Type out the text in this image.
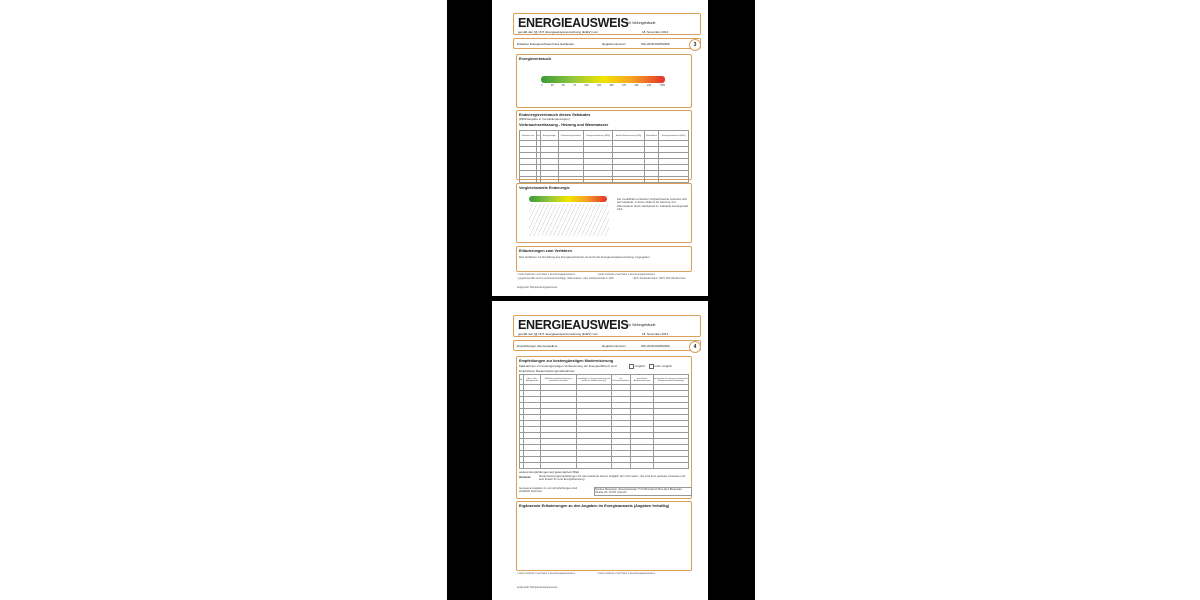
ENERGIEAUSWEIS
für Wohngebäude
gemäß den §§ 16 ff. Energieeinsparverordnung (EnEV) vom	18. November 2013
Erfasster Energieverbrauch des Gebäudes	Registriernummer	NW-2018-002052390	3
Energieverbrauch
0	25	50	75	100	125	150	175	200	225	>250
Endenergieverbrauch dieses Gebäudes
[Pflichtangabe in Immobilienanzeigen]
Verbrauchserfassung - Heizung und Warmwasser
Zeitraum von	bis	Energieträger	Primärenergie-faktor	Energieverbrauch [kWh]	Anteil Warmwasser [kWh]	Klimafaktor	Energieverbrauch [kWh]

Vergleichswerte Endenergie
Die modellhaft ermittelten Vergleichswerte beziehen sich auf Gebäude, in denen Wärme für Heizung und Warmwasser durch Heizkessel im Gebäude bereitgestellt wird.
Erläuterungen zum Verfahren
Das Verfahren zur Ermittlung des Energieverbrauchs ist durch die Energieeinsparverordnung vorgegeben.
¹ siehe Fußnote 1 auf Seite 1 des Energieausweises	³ siehe Fußnote 2 auf Seite 1 des Energieausweises
² gegebenenfalls auch Leerstandszuschläge, Warmwasser- oder Kühlpauschale in kWh	⁴ EFH: Einfamilienhaus, MFH: Mehrfamilienhaus
Aufgestellt: Beispiel-Energieausweis
ENERGIEAUSWEIS
für Wohngebäude
gemäß den §§ 16 ff. Energieeinsparverordnung (EnEV) vom	18. November 2013
Empfehlungen des Ausstellers	Registriernummer	NW-2018-002052390	4
Empfehlungen zur kostengünstigen Modernisierung
Maßnahmen zur kostengünstigen Verbesserung der Energieeffizienz sind	möglich	nicht möglich
Empfohlene Modernisierungsmaßnahmen
Nr.	Bau- oder Anlagenteile	Maßnahmenbeschreibung in einzelnen Schritten	empfohlen in Zusammenhang mit größerer Modernisierung	als Einzelmaßnahme	geschätzte Amortisationszeit	geschätzte Kosten pro eingesparte Kilowattstunde Endenergie

weitere Empfehlungen auf gesondertem Blatt
Hinweis:	Modernisierungsempfehlungen für das Gebäude dienen lediglich der Information. Sie sind kurz gefasste Hinweise und kein Ersatz für eine Energieberatung.
Genauere Angaben zu den Empfehlungen sind erhältlich bei/unter:
Markus Beispieler, Energieberater TÜV-Rheinland Plus-Zert Beispieler Straße 20, 41751 Viersen
Ergänzende Erläuterungen zu den Angaben im Energieausweis (Angaben freiwillig)
¹ siehe Fußnote 1 auf Seite 1 des Energieausweises	² siehe Fußnote 2 auf Seite 1 des Energieausweises
Aufgestellt: Beispiel-Energieausweis
